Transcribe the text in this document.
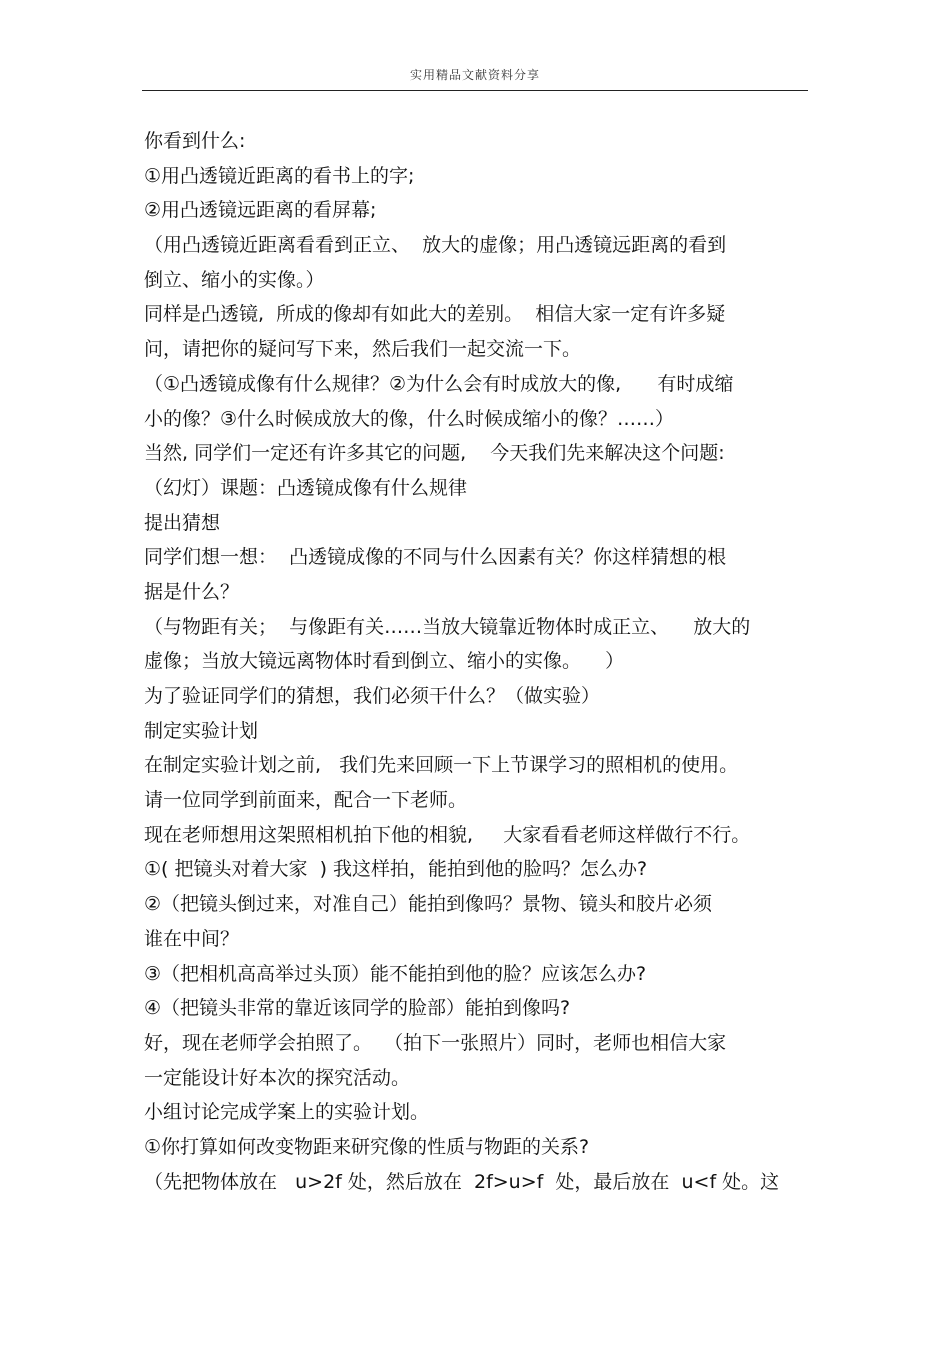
实用精品文献资料分享
你看到什么:
①用凸透镜近距离的看书上的字;
②用凸透镜远距离的看屏幕;
（用凸透镜近距离看看到正立、  放大的虚像；用凸透镜远距离的看到
倒立、缩小的实像。）
同样是凸透镜,  所成的像却有如此大的差别。  相信大家一定有许多疑
问，请把你的疑问写下来，然后我们一起交流一下。
（①凸透镜成像有什么规律？②为什么会有时成放大的像,      有时成缩
小的像？③什么时候成放大的像，什么时候成缩小的像？……）
当然, 同学们一定还有许多其它的问题,    今天我们先来解决这个问题:
（幻灯）课题：凸透镜成像有什么规律
提出猜想
同学们想一想：  凸透镜成像的不同与什么因素有关？你这样猜想的根
据是什么？
（与物距有关；  与像距有关……当放大镜靠近物体时成正立、    放大的
虚像；当放大镜远离物体时看到倒立、缩小的实像。    ）
为了验证同学们的猜想，我们必须干什么？（做实验）
制定实验计划
在制定实验计划之前,   我们先来回顾一下上节课学习的照相机的使用。
请一位同学到前面来，配合一下老师。
现在老师想用这架照相机拍下他的相貌,     大家看看老师这样做行不行。
①( 把镜头对着大家  ) 我这样拍，能拍到他的脸吗？怎么办?
②（把镜头倒过来，对准自己）能拍到像吗？景物、镜头和胶片必须
谁在中间？
③（把相机高高举过头顶）能不能拍到他的脸？应该怎么办?
④（把镜头非常的靠近该同学的脸部）能拍到像吗?
好，现在老师学会拍照了。  （拍下一张照片）同时，老师也相信大家
一定能设计好本次的探究活动。
小组讨论完成学案上的实验计划。
①你打算如何改变物距来研究像的性质与物距的关系?
（先把物体放在   u>2f 处，然后放在  2f>u>f  处，最后放在  u<f 处。这
